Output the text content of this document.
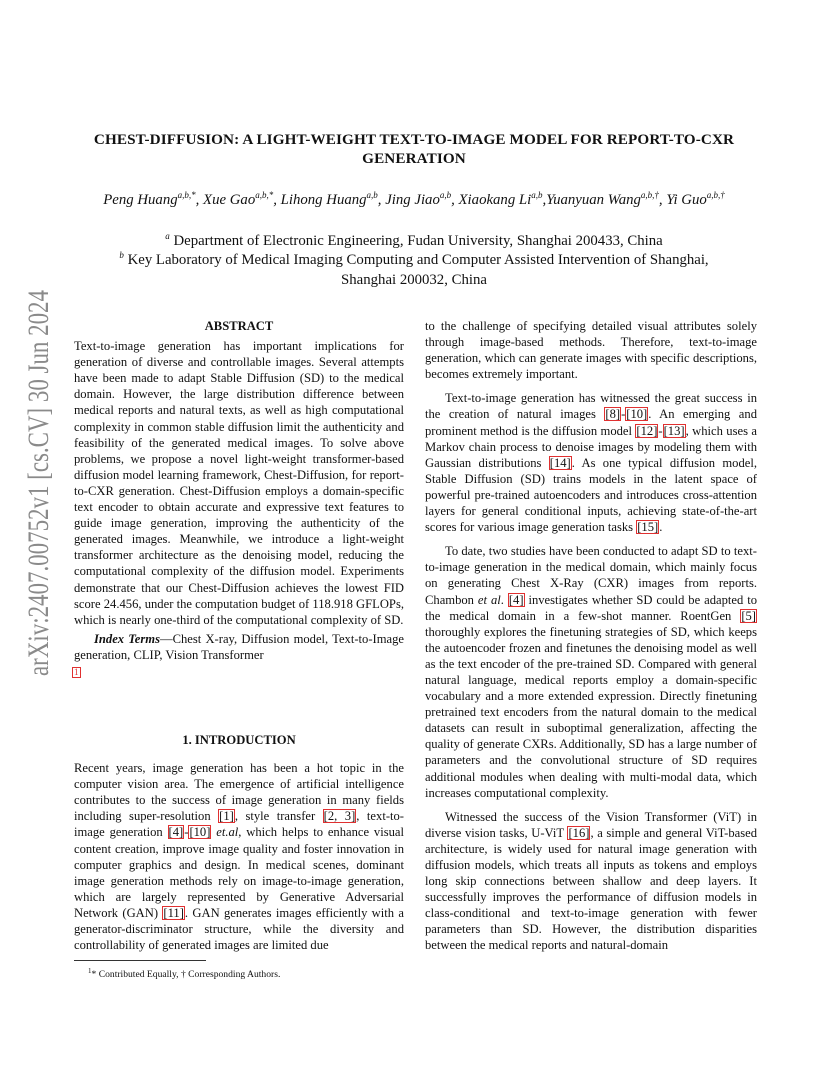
arXiv:2407.00752v1 [cs.CV] 30 Jun 2024
CHEST-DIFFUSION: A LIGHT-WEIGHT TEXT-TO-IMAGE MODEL FOR REPORT-TO-CXR
GENERATION
Peng Huang$^{a,b,*}$, Xue Gao$^{a,b,*}$, Lihong Huang$^{a,b}$, Jing Jiao$^{a,b}$, Xiaokang Li$^{a,b}$,Yuanyuan Wang$^{a,b,\dagger}$, Yi Guo$^{a,b,\dagger}$
$^a$ Department of Electronic Engineering, Fudan University, Shanghai 200433, China
$^b$ Key Laboratory of Medical Imaging Computing and Computer Assisted Intervention of Shanghai,
Shanghai 200032, China

ABSTRACT

Text-to-image generation has important implications for generation of diverse and controllable images. Several attempts have been made to adapt Stable Diffusion (SD) to the medical domain. However, the large distribution difference between medical reports and natural texts, as well as high computational complexity in common stable diffusion limit the authenticity and feasibility of the generated medical images. To solve above problems, we propose a novel light-weight transformer-based diffusion model learning framework, Chest-Diffusion, for report-to-CXR generation. Chest-Diffusion employs a domain-specific text encoder to obtain accurate and expressive text features to guide image generation, improving the authenticity of the generated images. Meanwhile, we introduce a light-weight transformer architecture as the denoising model, reducing the computational complexity of the diffusion model. Experiments demonstrate that our Chest-Diffusion achieves the lowest FID score 24.456, under the computation budget of 118.918 GFLOPs, which is nearly one-third of the computational complexity of SD.

Index Terms—Chest X-ray, Diffusion model, Text-to-Image generation, CLIP, Vision Transformer

1

1. INTRODUCTION

Recent years, image generation has been a hot topic in the computer vision area. The emergence of artificial intelligence contributes to the success of image generation in many fields including super-resolution [1], style transfer [2, 3], text-to-image generation [4]-[10] et.al, which helps to enhance visual content creation, improve image quality and foster innovation in computer graphics and design. In medical scenes, dominant image generation methods rely on image-to-image generation, which are largely represented by Generative Adversarial Network (GAN) [11]. GAN generates images efficiently with a generator-discriminator structure, while the diversity and controllability of generated images are limited due

$^1$* Contributed Equally, † Corresponding Authors.

to the challenge of specifying detailed visual attributes solely through image-based methods. Therefore, text-to-image generation, which can generate images with specific descriptions, becomes extremely important.

Text-to-image generation has witnessed the great success in the creation of natural images [8]-[10]. An emerging and prominent method is the diffusion model [12]-[13], which uses a Markov chain process to denoise images by modeling them with Gaussian distributions [14]. As one typical diffusion model, Stable Diffusion (SD) trains models in the latent space of powerful pre-trained autoencoders and introduces cross-attention layers for general conditional inputs, achieving state-of-the-art scores for various image generation tasks [15].

To date, two studies have been conducted to adapt SD to text-to-image generation in the medical domain, which mainly focus on generating Chest X-Ray (CXR) images from reports. Chambon et al. [4] investigates whether SD could be adapted to the medical domain in a few-shot manner. RoentGen [5] thoroughly explores the finetuning strategies of SD, which keeps the autoencoder frozen and finetunes the denoising model as well as the text encoder of the pre-trained SD. Compared with general natural language, medical reports employ a domain-specific vocabulary and a more extended expression. Directly finetuning pretrained text encoders from the natural domain to the medical datasets can result in suboptimal generalization, affecting the quality of generate CXRs. Additionally, SD has a large number of parameters and the convolutional structure of SD requires additional modules when dealing with multi-modal data, which increases computational complexity.

Witnessed the success of the Vision Transformer (ViT) in diverse vision tasks, U-ViT [16], a simple and general ViT-based architecture, is widely used for natural image generation with diffusion models, which treats all inputs as tokens and employs long skip connections between shallow and deep layers. It successfully improves the performance of diffusion models in class-conditional and text-to-image generation with fewer parameters than SD. However, the distribution disparities between the medical reports and natural-domain
